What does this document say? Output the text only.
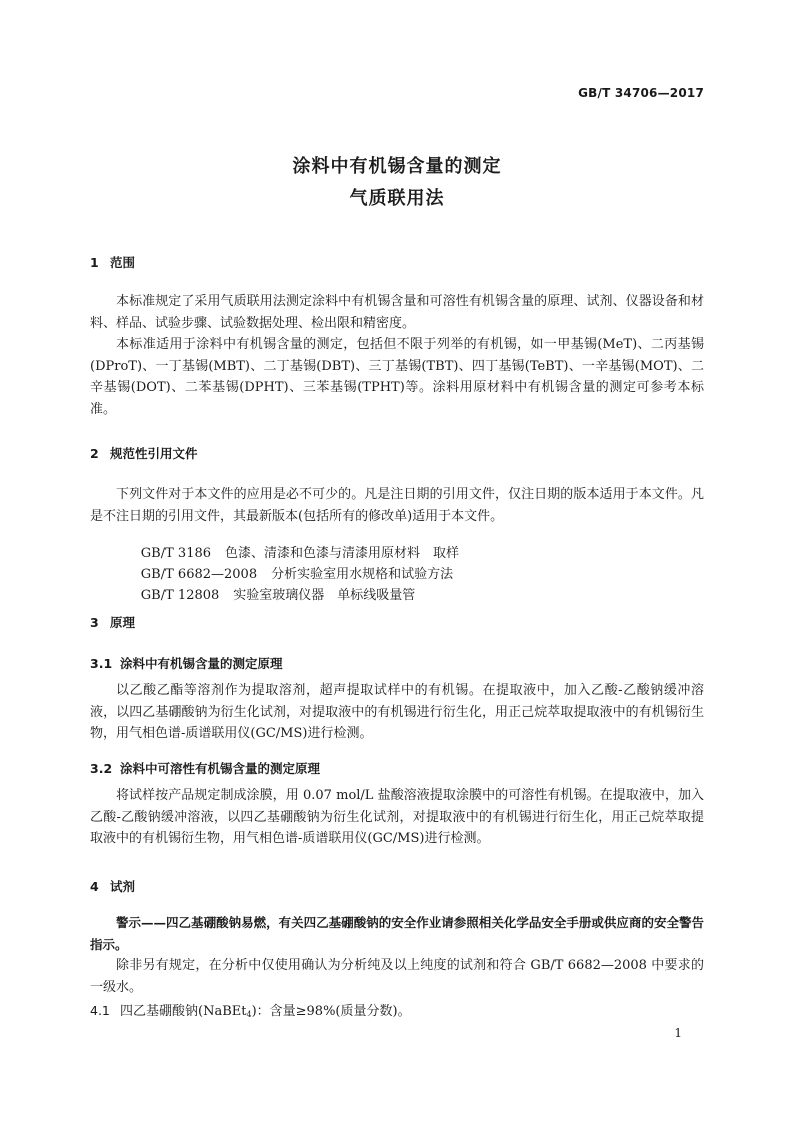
GB/T 34706—2017
涂料中有机锡含量的测定
气质联用法
1 范围
本标准规定了采用气质联用法测定涂料中有机锡含量和可溶性有机锡含量的原理、试剂、仪器设备和材料、样品、试验步骤、试验数据处理、检出限和精密度。
本标准适用于涂料中有机锡含量的测定，包括但不限于列举的有机锡，如一甲基锡(MeT)、二丙基锡(DProT)、一丁基锡(MBT)、二丁基锡(DBT)、三丁基锡(TBT)、四丁基锡(TeBT)、一辛基锡(MOT)、二辛基锡(DOT)、二苯基锡(DPHT)、三苯基锡(TPHT)等。涂料用原材料中有机锡含量的测定可参考本标准。
2 规范性引用文件
下列文件对于本文件的应用是必不可少的。凡是注日期的引用文件，仅注日期的版本适用于本文件。凡是不注日期的引用文件，其最新版本(包括所有的修改单)适用于本文件。

GB/T 3186 色漆、清漆和色漆与清漆用原材料　取样

GB/T 6682—2008 分析实验室用水规格和试验方法

GB/T 12808 实验室玻璃仪器　单标线吸量管

3 原理
3.1 涂料中有机锡含量的测定原理
以乙酸乙酯等溶剂作为提取溶剂，超声提取试样中的有机锡。在提取液中，加入乙酸-乙酸钠缓冲溶液，以四乙基硼酸钠为衍生化试剂，对提取液中的有机锡进行衍生化，用正己烷萃取提取液中的有机锡衍生物，用气相色谱-质谱联用仪(GC/MS)进行检测。
3.2 涂料中可溶性有机锡含量的测定原理
将试样按产品规定制成涂膜，用 0.07 mol/L 盐酸溶液提取涂膜中的可溶性有机锡。在提取液中，加入乙酸-乙酸钠缓冲溶液，以四乙基硼酸钠为衍生化试剂，对提取液中的有机锡进行衍生化，用正己烷萃取提取液中的有机锡衍生物，用气相色谱-质谱联用仪(GC/MS)进行检测。
4 试剂
警示——四乙基硼酸钠易燃，有关四乙基硼酸钠的安全作业请参照相关化学品安全手册或供应商的安全警告指示。
除非另有规定，在分析中仅使用确认为分析纯及以上纯度的试剂和符合 GB/T 6682—2008 中要求的一级水。
4.1 四乙基硼酸钠(NaBEt$_4$)：含量≥98%(质量分数)。
1
